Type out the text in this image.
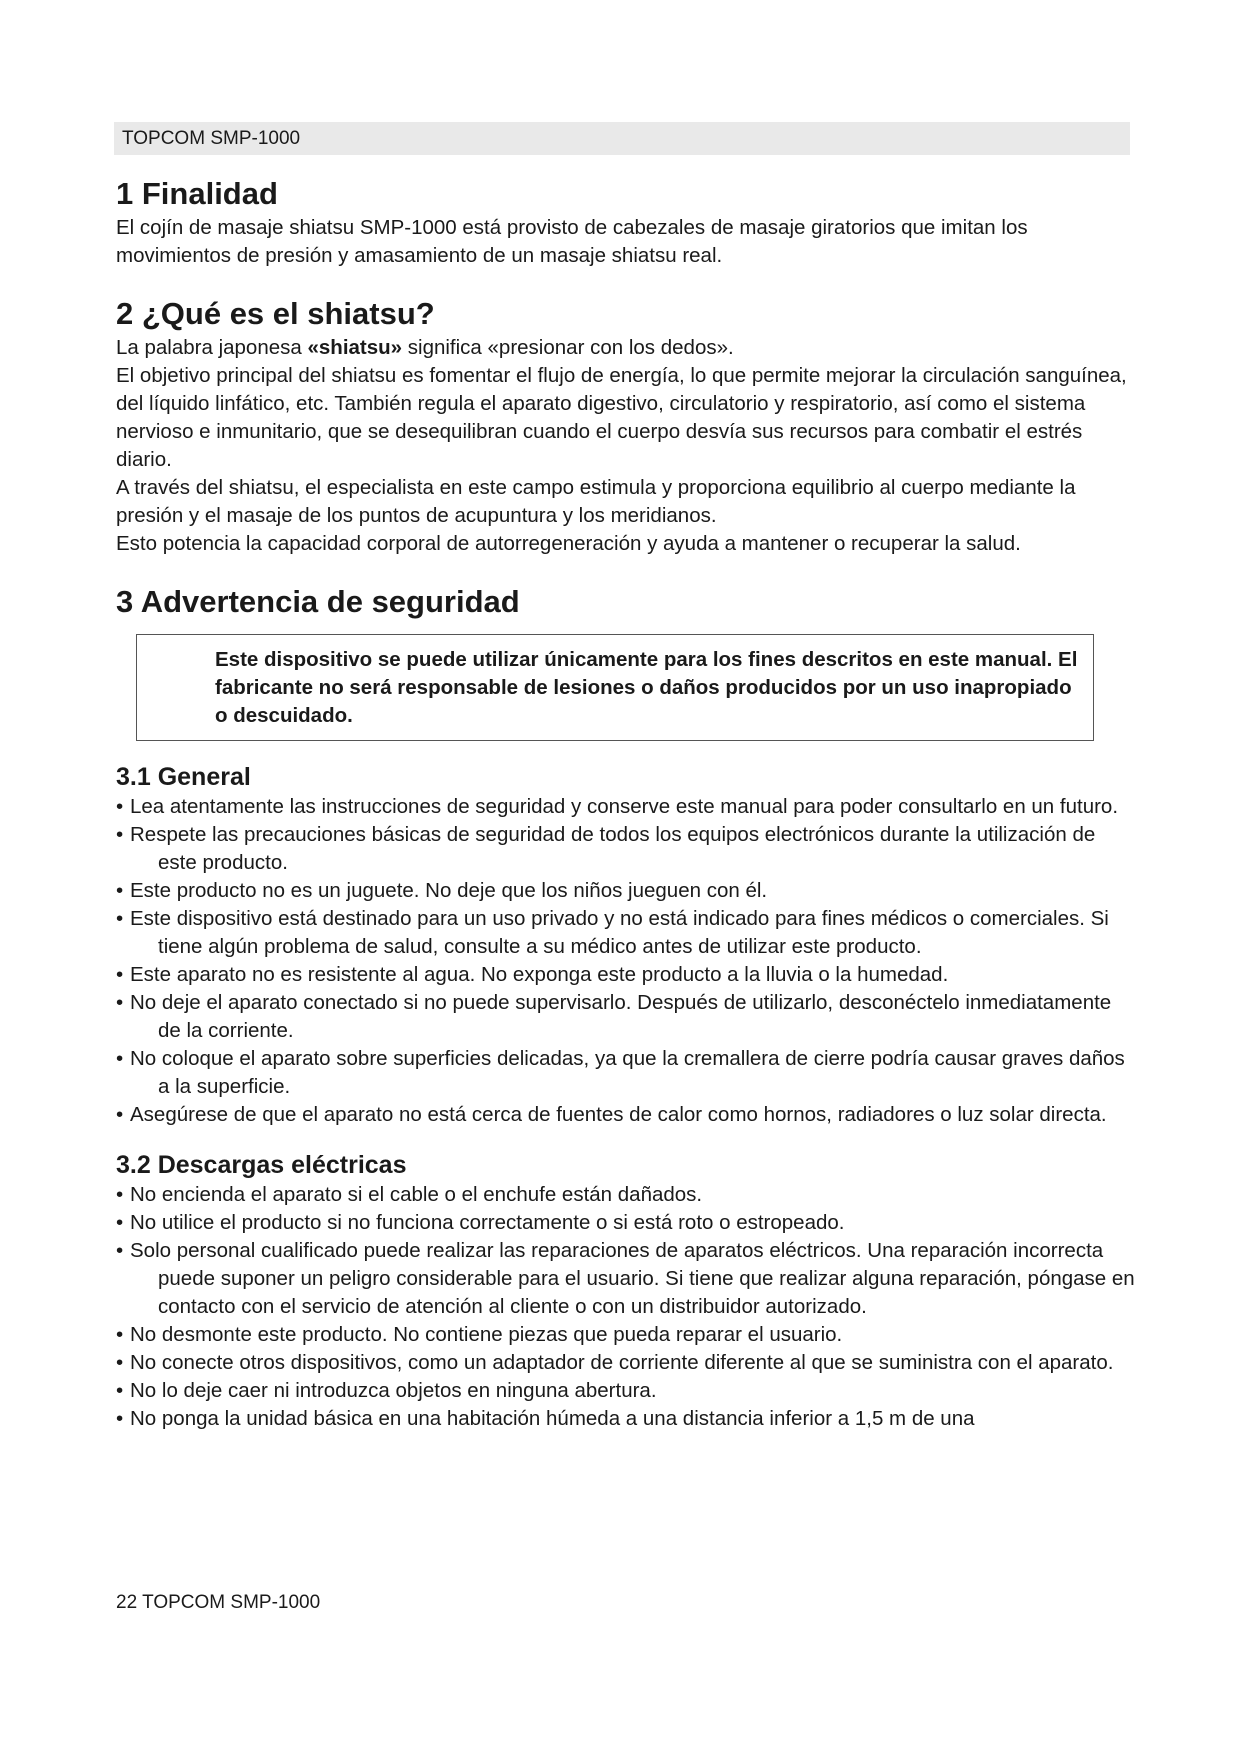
TOPCOM SMP-1000
1 Finalidad

El cojín de masaje shiatsu SMP-1000 está provisto de cabezales de masaje giratorios que imitan los movimientos de presión y amasamiento de un masaje shiatsu real.

2 ¿Qué es el shiatsu?

La palabra japonesa «shiatsu» significa «presionar con los dedos».

El objetivo principal del shiatsu es fomentar el flujo de energía, lo que permite mejorar la circulación sanguínea, del líquido linfático, etc. También regula el aparato digestivo, circulatorio y respiratorio, así como el sistema nervioso e inmunitario, que se desequilibran cuando el cuerpo desvía sus recursos para combatir el estrés diario.

A través del shiatsu, el especialista en este campo estimula y proporciona equilibrio al cuerpo mediante la presión y el masaje de los puntos de acupuntura y los meridianos.

Esto potencia la capacidad corporal de autorregeneración y ayuda a mantener o recuperar la salud.

3 Advertencia de seguridad

Este dispositivo se puede utilizar únicamente para los fines descritos en este manual. El fabricante no será responsable de lesiones o daños producidos por un uso inapropiado o descuidado.

3.1 General
• Lea atentamente las instrucciones de seguridad y conserve este manual para poder consultarlo en un futuro.
• Respete las precauciones básicas de seguridad de todos los equipos electrónicos durante la utilización de este producto.
• Este producto no es un juguete. No deje que los niños jueguen con él.
• Este dispositivo está destinado para un uso privado y no está indicado para fines médicos o comerciales. Si tiene algún problema de salud, consulte a su médico antes de utilizar este producto.
• Este aparato no es resistente al agua. No exponga este producto a la lluvia o la humedad.
• No deje el aparato conectado si no puede supervisarlo. Después de utilizarlo, desconéctelo inmediatamente de la corriente.
• No coloque el aparato sobre superficies delicadas, ya que la cremallera de cierre podría causar graves daños a la superficie.
• Asegúrese de que el aparato no está cerca de fuentes de calor como hornos, radiadores o luz solar directa.
3.2 Descargas eléctricas
• No encienda el aparato si el cable o el enchufe están dañados.
• No utilice el producto si no funciona correctamente o si está roto o estropeado.
• Solo personal cualificado puede realizar las reparaciones de aparatos eléctricos. Una reparación incorrecta puede suponer un peligro considerable para el usuario. Si tiene que realizar alguna reparación, póngase en contacto con el servicio de atención al cliente o con un distribuidor autorizado.
• No desmonte este producto. No contiene piezas que pueda reparar el usuario.
• No conecte otros dispositivos, como un adaptador de corriente diferente al que se suministra con el aparato.
• No lo deje caer ni introduzca objetos en ninguna abertura.
• No ponga la unidad básica en una habitación húmeda a una distancia inferior a 1,5 m de una
22 TOPCOM SMP-1000
